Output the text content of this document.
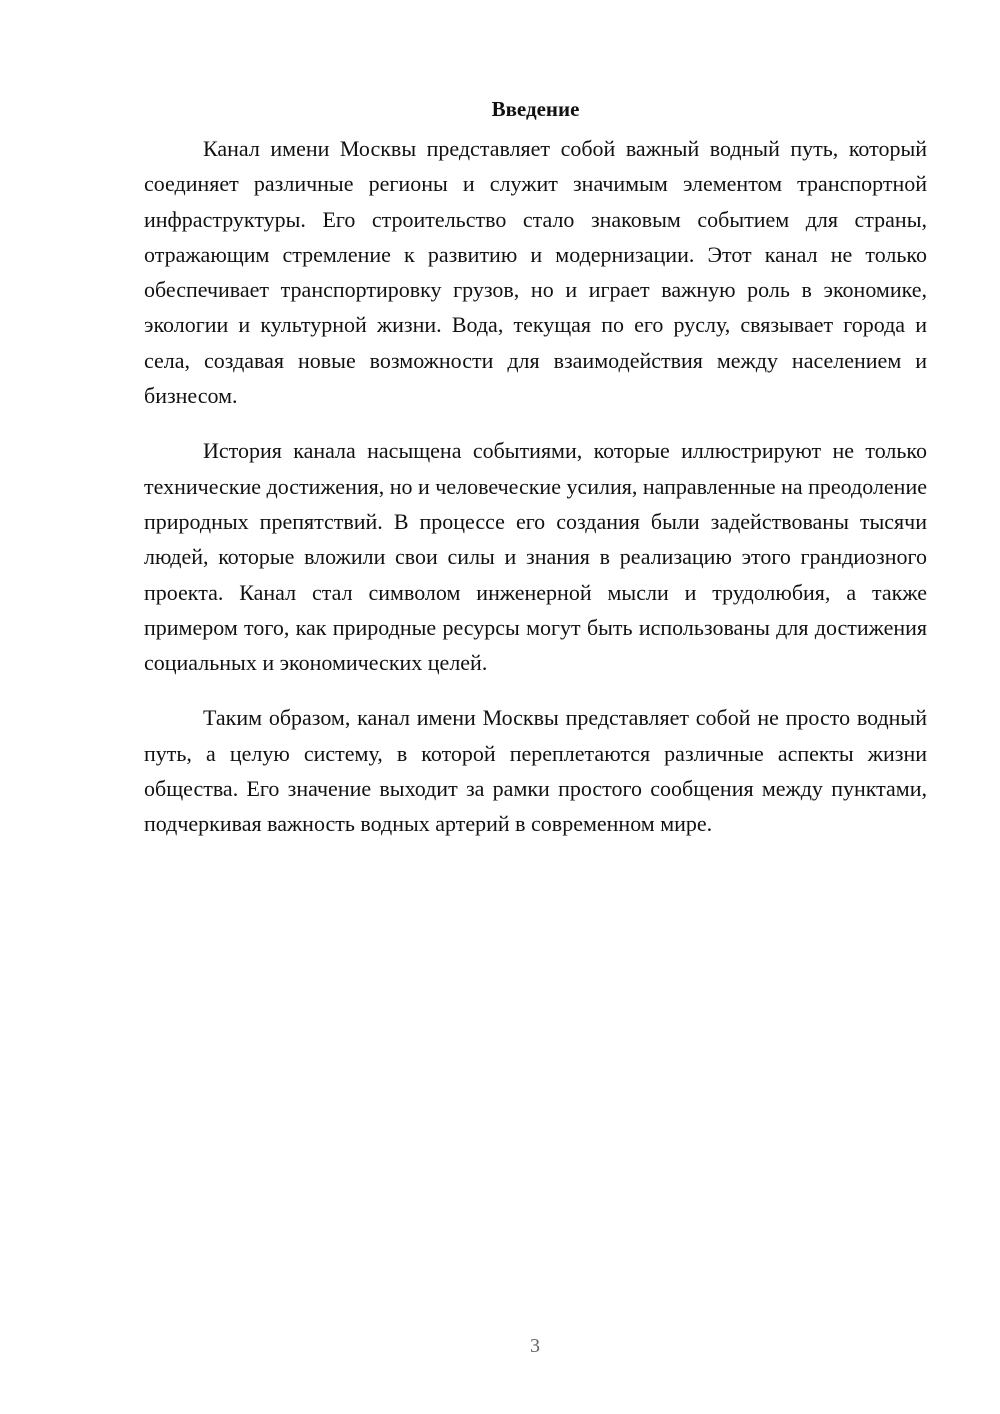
Введение

Канал имени Москвы представляет собой важный водный путь, который соединяет различные регионы и служит значимым элементом транспортной инфраструктуры. Его строительство стало знаковым событием для страны, отражающим стремление к развитию и модернизации. Этот канал не только обеспечивает транспортировку грузов, но и играет важную роль в экономике, экологии и культурной жизни. Вода, текущая по его руслу, связывает города и села, создавая новые возможности для взаимодействия между населением и бизнесом.

История канала насыщена событиями, которые иллюстрируют не только технические достижения, но и человеческие усилия, направленные на преодоление природных препятствий. В процессе его создания были задействованы тысячи людей, которые вложили свои силы и знания в реализацию этого грандиозного проекта. Канал стал символом инженерной мысли и трудолюбия, а также примером того, как природные ресурсы могут быть использованы для достижения социальных и экономических целей.

Таким образом, канал имени Москвы представляет собой не просто водный путь, а целую систему, в которой переплетаются различные аспекты жизни общества. Его значение выходит за рамки простого сообщения между пунктами, подчеркивая важность водных артерий в современном мире.

3
